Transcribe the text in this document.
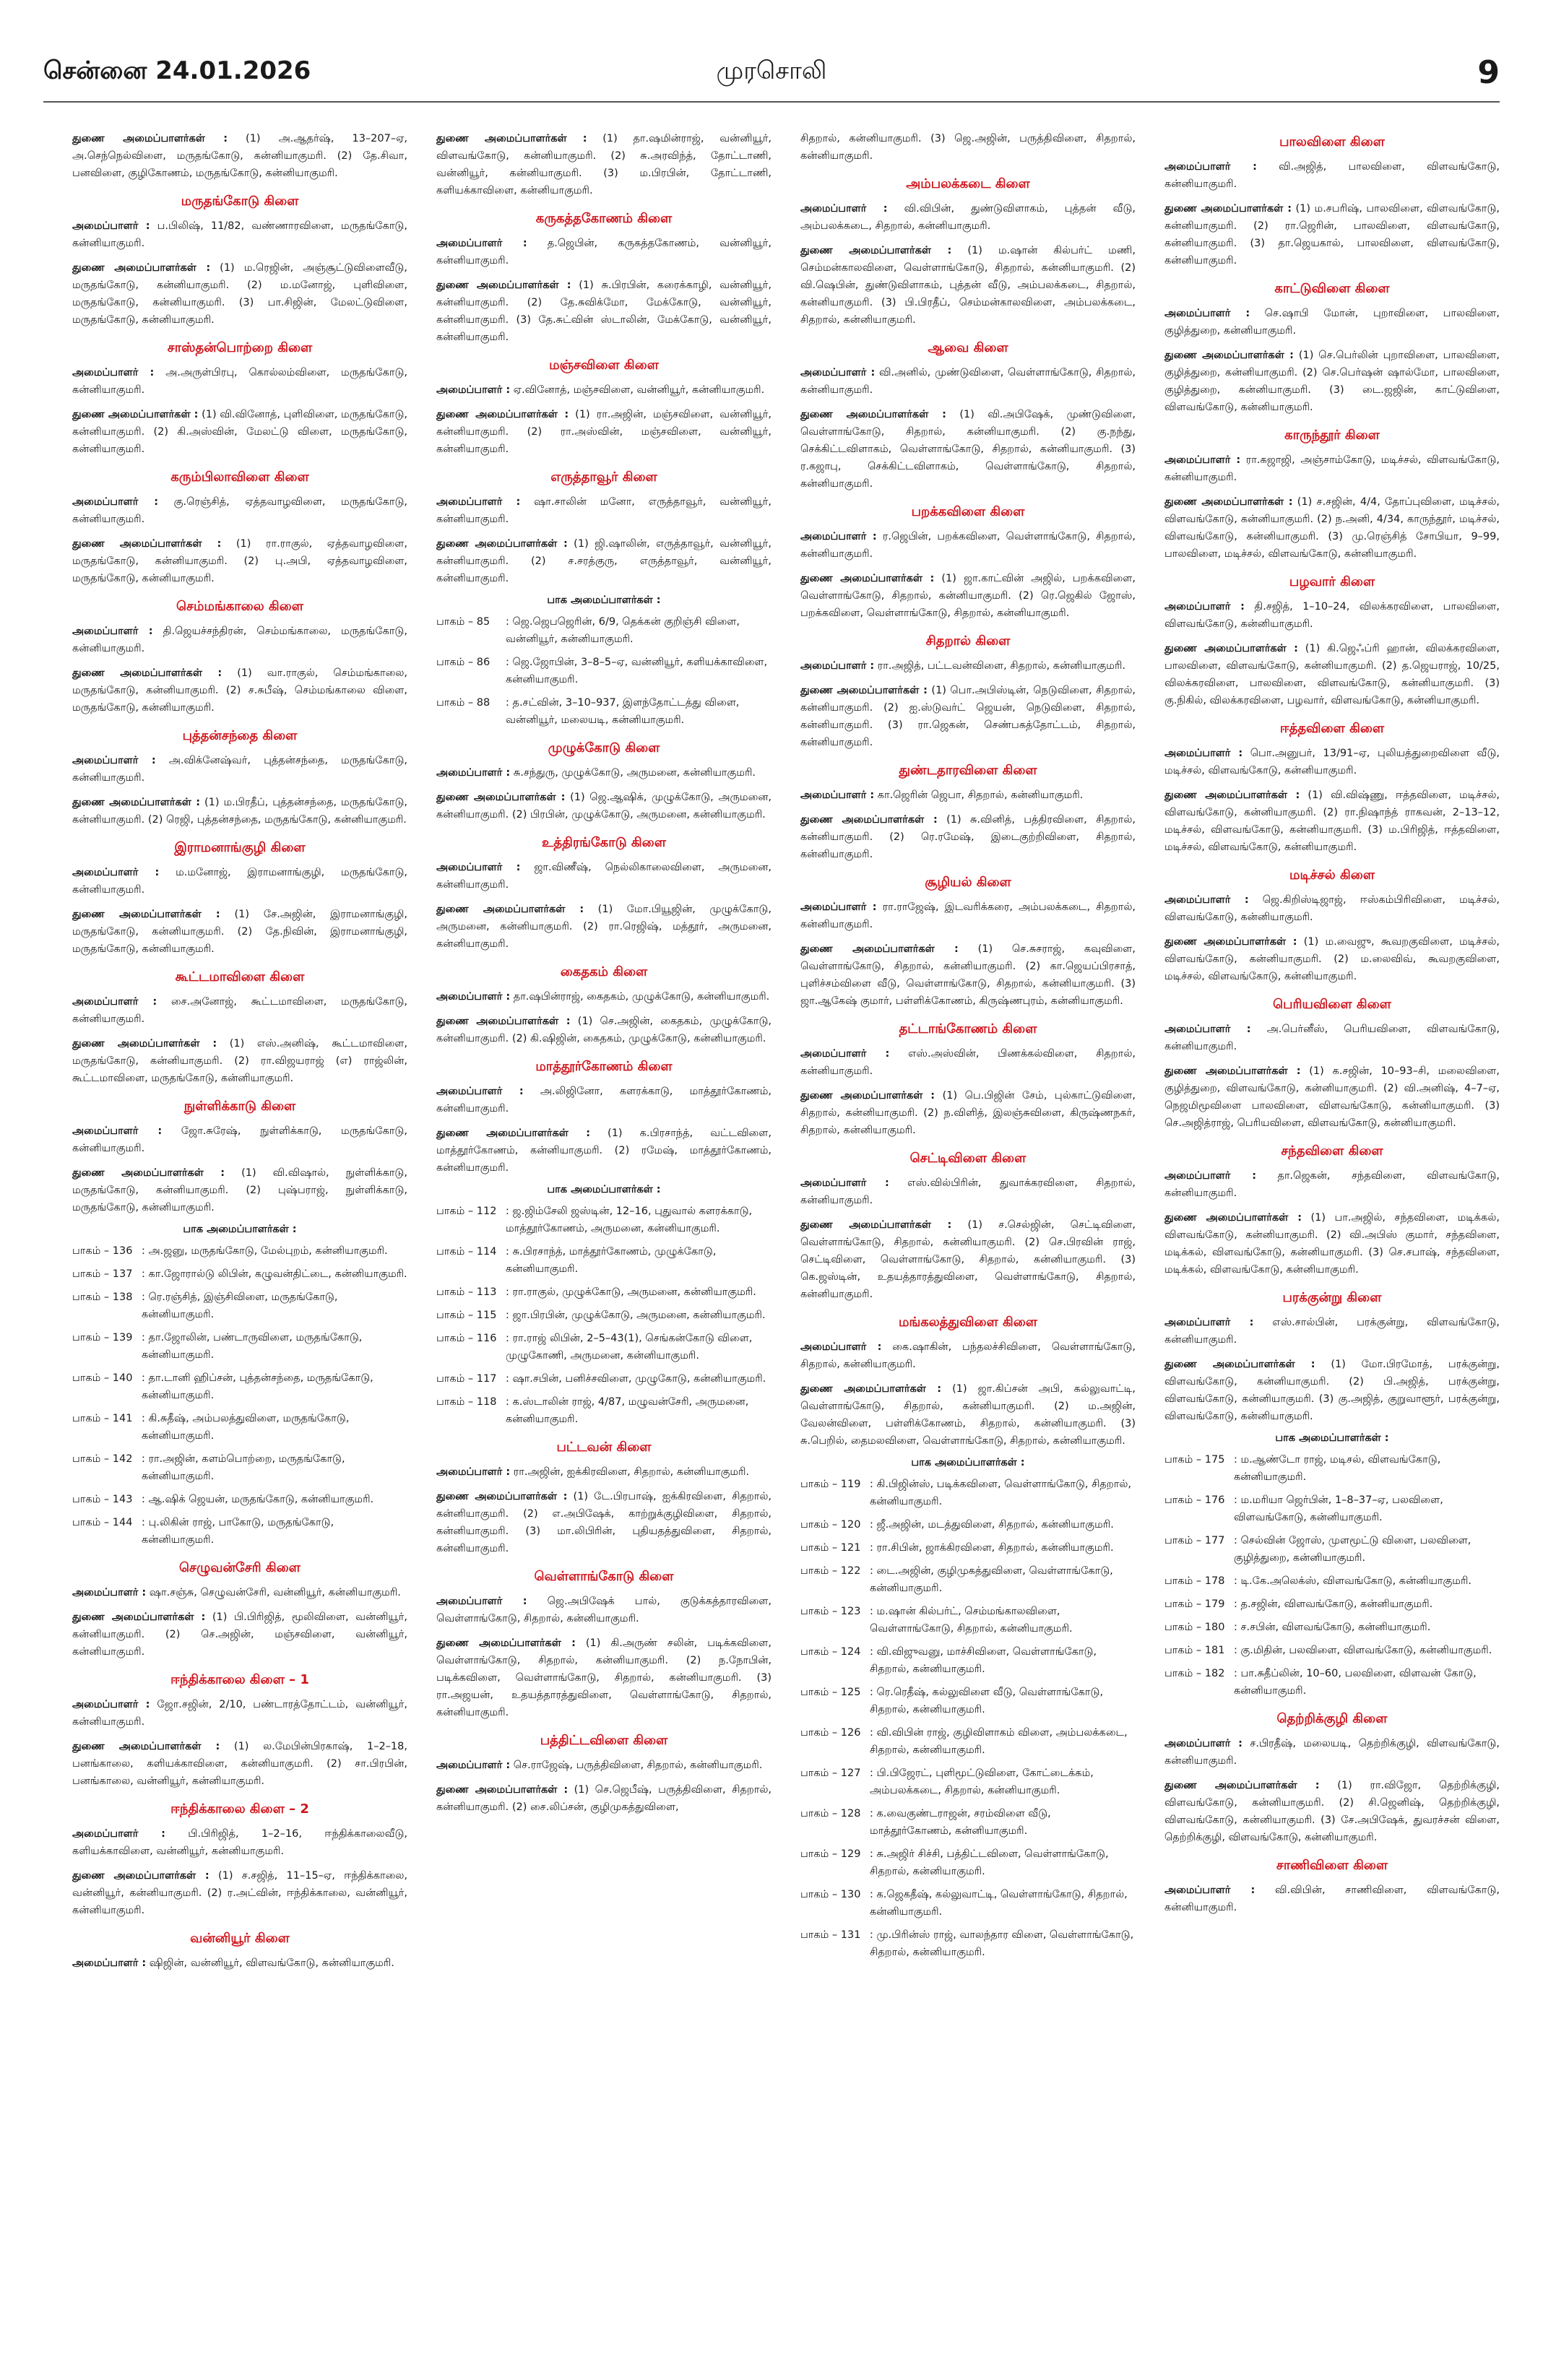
சென்னை 24.01.2026	முரசொலி	9

துணை அமைப்பாளர்கள் : (1) அ.ஆதர்ஷ், 13–207–ஏ, அ.செந்நெல்விளை, மருதங்கோடு, கன்னியாகுமரி. (2) தே.சிவா, பனவிளை, குழிகோணம், மருதங்கோடு, கன்னியாகுமரி.

மருதங்கோடு கிளை

அமைப்பாளர் : ப.பிலிஷ், 11/82, வண்ணாரவிளை, மருதங்கோடு, கன்னியாகுமரி.

துணை அமைப்பாளர்கள் : (1) ம.ரெஜின், அஞ்சூட்டுவிளைவீடு, மருதங்கோடு, கன்னியாகுமரி. (2) ம.மனோஜ், புளிவிளை, மருதங்கோடு, கன்னியாகுமரி. (3) பா.சிஜின், மேலட்டுவிளை, மருதங்கோடு, கன்னியாகுமரி.

சாஸ்தன்பொற்றை கிளை

அமைப்பாளர் : அ.அருள்பிரபு, கொல்லம்விளை, மருதங்கோடு, கன்னியாகுமரி.

துணை அமைப்பாளர்கள் : (1) வி.வினோத், புளிவிளை, மருதங்கோடு, கன்னியாகுமரி. (2) கி.அஸ்வின், மேலட்டு விளை, மருதங்கோடு, கன்னியாகுமரி.

கரும்பிலாவிளை கிளை

அமைப்பாளர் : கு.ரெஞ்சித், ஏத்தவாழவிளை, மருதங்கோடு, கன்னியாகுமரி.

துணை அமைப்பாளர்கள் : (1) ரா.ராகுல், ஏத்தவாழவிளை, மருதங்கோடு, கன்னியாகுமரி. (2) பு.அபி, ஏத்தவாழவிளை, மருதங்கோடு, கன்னியாகுமரி.

செம்மங்காலை கிளை

அமைப்பாளர் : தி.ஜெயச்சந்திரன், செம்மங்காலை, மருதங்கோடு, கன்னியாகுமரி.

துணை அமைப்பாளர்கள் : (1) வா.ராகுல், செம்மங்காலை, மருதங்கோடு, கன்னியாகுமரி. (2) ச.சுபீஷ், செம்மங்காலை விளை, மருதங்கோடு, கன்னியாகுமரி.

புத்தன்சந்தை கிளை

அமைப்பாளர் : அ.விக்னேஷ்வர், புத்தன்சந்தை, மருதங்கோடு, கன்னியாகுமரி.

துணை அமைப்பாளர்கள் : (1) ம.பிரதீப், புத்தன்சந்தை, மருதங்கோடு, கன்னியாகுமரி. (2) ரெஜி, புத்தன்சந்தை, மருதங்கோடு, கன்னியாகுமரி.

இராமனாங்குழி கிளை

அமைப்பாளர் : ம.மனோஜ், இராமனாங்குழி, மருதங்கோடு, கன்னியாகுமரி.

துணை அமைப்பாளர்கள் : (1) சே.அஜின், இராமனாங்குழி, மருதங்கோடு, கன்னியாகுமரி. (2) தே.நிவின், இராமனாங்குழி, மருதங்கோடு, கன்னியாகுமரி.

கூட்டமாவிளை கிளை

அமைப்பாளர் : சை.அனோஜ், கூட்டமாவிளை, மருதங்கோடு, கன்னியாகுமரி.

துணை அமைப்பாளர்கள் : (1) எஸ்.அனிஷ், கூட்டமாவிளை, மருதங்கோடு, கன்னியாகுமரி. (2) ரா.விஜயராஜ் (எ) ராஜ்லின், கூட்டமாவிளை, மருதங்கோடு, கன்னியாகுமரி.

நுள்ளிக்காடு கிளை

அமைப்பாளர் : ஜோ.சுரேஷ், நுள்ளிக்காடு, மருதங்கோடு, கன்னியாகுமரி.

துணை அமைப்பாளர்கள் : (1) வி.விஷால், நுள்ளிக்காடு, மருதங்கோடு, கன்னியாகுமரி. (2) புஷ்பராஜ், நுள்ளிக்காடு, மருதங்கோடு, கன்னியாகுமரி.

பாக அமைப்பாளர்கள் :
பாகம் – 136 : அ.ஜனு, மருதங்கோடு, மேல்புறம், கன்னியாகுமரி.
பாகம் – 137 : கா.ஜோரால்டு லிபின், கழுவன்திட்டை, கன்னியாகுமரி.
பாகம் – 138 : ரெ.ரஞ்சித், இஞ்சிவிளை, மருதங்கோடு, கன்னியாகுமரி.
பாகம் – 139 : தா.ஜோலின், பண்டாருவிளை, மருதங்கோடு, கன்னியாகுமரி.
பாகம் – 140 : தா.டானி ஹிப்சன், புத்தன்சந்தை, மருதங்கோடு, கன்னியாகுமரி.
பாகம் – 141 : கி.சுதீஷ், அம்பலத்துவிளை, மருதங்கோடு, கன்னியாகுமரி.
பாகம் – 142 : ரா.அஜின், களம்பொற்றை, மருதங்கோடு, கன்னியாகுமரி.
பாகம் – 143 : ஆ.ஷிக் ஜெயன், மருதங்கோடு, கன்னியாகுமரி.
பாகம் – 144 : பு.லிகின் ராஜ், பாகோடு, மருதங்கோடு, கன்னியாகுமரி.
செழுவன்சேரி கிளை

அமைப்பாளர் : ஷா.சஞ்சு, செழுவன்சேரி, வன்னியூர், கன்னியாகுமரி.

துணை அமைப்பாளர்கள் : (1) பி.பிரிஜித், மூலிவிளை, வன்னியூர், கன்னியாகுமரி. (2) செ.அஜின், மஞ்சவிளை, வன்னியூர், கன்னியாகுமரி.

ஈந்திக்காலை கிளை – 1

அமைப்பாளர் : ஜோ.சஜின், 2/10, பண்டாரத்தோட்டம், வன்னியூர், கன்னியாகுமரி.

துணை அமைப்பாளர்கள் : (1) ல.மேபின்பிரகாஷ், 1–2–18, பனங்காலை, களியக்காவிளை, கன்னியாகுமரி. (2) சா.பிரபின், பனங்காலை, வன்னியூர், கன்னியாகுமரி.

ஈந்திக்காலை கிளை – 2

அமைப்பாளர் : பி.பிரிஜித், 1–2–16, ஈந்திக்காலைவீடு, களியக்காவிளை, வன்னியூர், கன்னியாகுமரி.

துணை அமைப்பாளர்கள் : (1) ச.சஜித், 11–15–ஏ, ஈந்திக்காலை, வன்னியூர், கன்னியாகுமரி. (2) ர.அட்வின், ஈந்திக்காலை, வன்னியூர், கன்னியாகுமரி.

வன்னியூர் கிளை

அமைப்பாளர் : ஷிஜின், வன்னியூர், விளவங்கோடு, கன்னியாகுமரி.

துணை அமைப்பாளர்கள் : (1) தா.ஷமின்ராஜ், வன்னியூர், விளவங்கோடு, கன்னியாகுமரி. (2) சு.அரவிந்த், தோட்டாணி, வன்னியூர், கன்னியாகுமரி. (3) ம.பிரபின், தோட்டாணி, களியக்காவிளை, கன்னியாகுமரி.

கருகத்தகோணம் கிளை

அமைப்பாளர் : த.ஜெபின், கருகத்தகோணம், வன்னியூர், கன்னியாகுமரி.

துணை அமைப்பாளர்கள் : (1) சு.பிரபின், கரைக்காழி, வன்னியூர், கன்னியாகுமரி. (2) தே.சுவிக்மோ, மேக்கோடு, வன்னியூர், கன்னியாகுமரி. (3) தே.சுட்வின் ஸ்டாலின், மேக்கோடு, வன்னியூர், கன்னியாகுமரி.

மஞ்சவிளை கிளை

அமைப்பாளர் : ஏ.வினோத், மஞ்சவிளை, வன்னியூர், கன்னியாகுமரி.

துணை அமைப்பாளர்கள் : (1) ரா.அஜின், மஞ்சவிளை, வன்னியூர், கன்னியாகுமரி. (2) ரா.அஸ்வின், மஞ்சவிளை, வன்னியூர், கன்னியாகுமரி.

எருத்தாவூர் கிளை

அமைப்பாளர் : ஷா.சாலின் மனோ, எருத்தாவூர், வன்னியூர், கன்னியாகுமரி.

துணை அமைப்பாளர்கள் : (1) ஜி.ஷாலின், எருத்தாவூர், வன்னியூர், கன்னியாகுமரி. (2) ச.சரத்குரு, எருத்தாவூர், வன்னியூர், கன்னியாகுமரி.

பாக அமைப்பாளர்கள் :
பாகம் – 85	: ஜெ.ஜெபஜெரின், 6/9, தெக்கன் குறிஞ்சி விளை, வன்னியூர், கன்னியாகுமரி.
பாகம் – 86	: ஜெ.ஜோபின், 3–8–5–ஏ, வன்னியூர், களியக்காவிளை, கன்னியாகுமரி.
பாகம் – 88	: த.சட்வின், 3–10–937, இளந்தோட்டத்து விளை, வன்னியூர், மலையடி, கன்னியாகுமரி.
முழுக்கோடு கிளை

அமைப்பாளர் : சு.சந்துரு, முழுக்கோடு, அருமனை, கன்னியாகுமரி.

துணை அமைப்பாளர்கள் : (1) ஜெ.ஆஷிக், முழுக்கோடு, அருமனை, கன்னியாகுமரி. (2) பிரபின், முழுக்கோடு, அருமனை, கன்னியாகுமரி.

உத்திரங்கோடு கிளை

அமைப்பாளர் : ஜா.விணீஷ், நெல்லிகாலைவிளை, அருமனை, கன்னியாகுமரி.

துணை அமைப்பாளர்கள் : (1) மோ.பியூஜின், முழுக்கோடு, அருமனை, கன்னியாகுமரி. (2) ரா.ரெஜிஷ், மத்தூர், அருமனை, கன்னியாகுமரி.

கைதகம் கிளை

அமைப்பாளர் : தா.ஷபின்ராஜ், கைதகம், முழுக்கோடு, கன்னியாகுமரி.

துணை அமைப்பாளர்கள் : (1) செ.அஜின், கைதகம், முழுக்கோடு, கன்னியாகுமரி. (2) கி.ஷிஜின், கைதகம், முழுக்கோடு, கன்னியாகுமரி.

மாத்தூர்கோணம் கிளை

அமைப்பாளர் : அ.லிஜினோ, களரக்காடு, மாத்தூர்கோணம், கன்னியாகுமரி.

துணை அமைப்பாளர்கள் : (1) க.பிரசாந்த், வட்டவிளை, மாத்தூர்கோணம், கன்னியாகுமரி. (2) ரமேஷ், மாத்தூர்கோணம், கன்னியாகுமரி.

பாக அமைப்பாளர்கள் :
பாகம் – 112 : ஜ.ஜிம்சேலி ஜஸ்டின், 12–16, புதுவால் களரக்காடு, மாத்தூர்கோணம், அருமனை, கன்னியாகுமரி.
பாகம் – 114 : சு.பிரசாந்த், மாத்தூர்கோணம், முழுக்கோடு, கன்னியாகுமரி.
பாகம் – 113 : ரா.ராகுல், முழுக்கோடு, அருமனை, கன்னியாகுமரி.
பாகம் – 115 : ஜா.பிரபின், முழுக்கோடு, அருமனை, கன்னியாகுமரி.
பாகம் – 116 : ரா.ராஜ் லிபின், 2–5–43(1), செங்கன்கோடு விளை, முழுகோணி, அருமனை, கன்னியாகுமரி.
பாகம் – 117 : ஷா.சபின், பனிச்சவிளை, முழுகோடு, கன்னியாகுமரி.
பாகம் – 118 : க.ஸ்டாலின் ராஜ், 4/87, மழுவன்சேரி, அருமனை, கன்னியாகுமரி.
பட்டவன் கிளை

அமைப்பாளர் : ரா.அஜின், ஐக்கிரவிளை, சிதறால், கன்னியாகுமரி.

துணை அமைப்பாளர்கள் : (1) டே.பிரபாஷ், ஐக்கிரவிளை, சிதறால், கன்னியாகுமரி. (2) எ.அபிஷேக், காற்றுக்குழிவிளை, சிதறால், கன்னியாகுமரி. (3) மா.லிபிரின், புதியதத்துவிளை, சிதறால், கன்னியாகுமரி.

வெள்ளாங்கோடு கிளை

அமைப்பாளர் : ஜெ.அபிஷேக் பால், குடுக்கத்தாரவிளை, வெள்ளாங்கோடு, சிதறால், கன்னியாகுமரி.

துணை அமைப்பாளர்கள் : (1) கி.அருண் சலின், படிக்கவிளை, வெள்ளாங்கோடு, சிதறால், கன்னியாகுமரி. (2) ந.நோபின், படிக்கவிளை, வெள்ளாங்கோடு, சிதறால், கன்னியாகுமரி. (3) ரா.அஜயன், உதயத்தாரத்துவிளை, வெள்ளாங்கோடு, சிதறால், கன்னியாகுமரி.

பத்திட்டவிளை கிளை

அமைப்பாளர் : செ.ராஜேஷ், பருத்திவிளை, சிதறால், கன்னியாகுமரி.

துணை அமைப்பாளர்கள் : (1) செ.ஜெபீஷ், பருத்திவிளை, சிதறால், கன்னியாகுமரி. (2) சை.லிப்சன், குழிமுகத்துவிளை,

சிதறால், கன்னியாகுமரி. (3) ஜெ.அஜின், பருத்திவிளை, சிதறால், கன்னியாகுமரி.

அம்பலக்கடை கிளை

அமைப்பாளர் : வி.விபின், துண்டுவிளாகம், புத்தன் வீடு, அம்பலக்கடை, சிதறால், கன்னியாகுமரி.

துணை அமைப்பாளர்கள் : (1) ம.ஷான் கில்பர்ட் மணி, செம்மன்காலவிளை, வெள்ளாங்கோடு, சிதறால், கன்னியாகுமரி. (2) வி.ஷெபின், துண்டுவிளாகம், புத்தன் வீடு, அம்பலக்கடை, சிதறால், கன்னியாகுமரி. (3) பி.பிரதீப், செம்மன்காலவிளை, அம்பலக்கடை, சிதறால், கன்னியாகுமரி.

ஆவை கிளை

அமைப்பாளர் : வி.அனில், முண்டுவிளை, வெள்ளாங்கோடு, சிதறால், கன்னியாகுமரி.

துணை அமைப்பாளர்கள் : (1) வி.அபிஷேக், முண்டுவிளை, வெள்ளாங்கோடு, சிதறால், கன்னியாகுமரி. (2) கு.நந்து, செக்கிட்டவிளாகம், வெள்ளாங்கோடு, சிதறால், கன்னியாகுமரி. (3) ர.கஜாபு, செக்கிட்டவிளாகம், வெள்ளாங்கோடு, சிதறால், கன்னியாகுமரி.

பறக்கவிளை கிளை

அமைப்பாளர் : ர.ஜெபின், பறக்கவிளை, வெள்ளாங்கோடு, சிதறால், கன்னியாகுமரி.

துணை அமைப்பாளர்கள் : (1) ஜா.காட்வின் அஜில், பறக்கவிளை, வெள்ளாங்கோடு, சிதறால், கன்னியாகுமரி. (2) ரெ.ஜெகில் ஜோஸ், பறக்கவிளை, வெள்ளாங்கோடு, சிதறால், கன்னியாகுமரி.

சிதறால் கிளை

அமைப்பாளர் : ரா.அஜித், பட்டவன்விளை, சிதறால், கன்னியாகுமரி.

துணை அமைப்பாளர்கள் : (1) பொ.அபிஸ்டின், நெடுவிளை, சிதறால், கன்னியாகுமரி. (2) ஐ.ஸ்டுவர்ட் ஜெயன், நெடுவிளை, சிதறால், கன்னியாகுமரி. (3) ரா.ஜெகன், செண்பகத்தோட்டம், சிதறால், கன்னியாகுமரி.

துண்டதாரவிளை கிளை

அமைப்பாளர் : கா.ஜெரின் ஜெபா, சிதறால், கன்னியாகுமரி.

துணை அமைப்பாளர்கள் : (1) சு.வினித், பத்திரவிளை, சிதறால், கன்னியாகுமரி. (2) ரெ.ரமேஷ், இடைகுற்றிவிளை, சிதறால், கன்னியாகுமரி.

சூழியல் கிளை

அமைப்பாளர் : ரா.ராஜேஷ், இடவரிக்கரை, அம்பலக்கடை, சிதறால், கன்னியாகுமரி.

துணை அமைப்பாளர்கள் : (1) செ.சுசராஜ், கவுவிளை, வெள்ளாங்கோடு, சிதறால், கன்னியாகுமரி. (2) கா.ஜெயப்பிரசாத், புளிச்சம்விளை வீடு, வெள்ளாங்கோடு, சிதறால், கன்னியாகுமரி. (3) ஜா.ஆகேஷ் குமார், பள்ளிக்கோணம், கிருஷ்ணபுரம், கன்னியாகுமரி.

தட்டாங்கோணம் கிளை

அமைப்பாளர் : எஸ்.அஸ்வின், பிணக்கல்விளை, சிதறால், கன்னியாகுமரி.

துணை அமைப்பாளர்கள் : (1) பெ.பிஜின் சேம், புல்காட்டுவிளை, சிதறால், கன்னியாகுமரி. (2) ந.விளித், இலஞ்சுவிளை, கிருஷ்ணநகர், சிதறால், கன்னியாகுமரி.

செட்டிவிளை கிளை

அமைப்பாளர் : எஸ்.வில்பிரின், துவாக்கரவிளை, சிதறால், கன்னியாகுமரி.

துணை அமைப்பாளர்கள் : (1) ச.செல்ஜின், செட்டிவிளை, வெள்ளாங்கோடு, சிதறால், கன்னியாகுமரி. (2) செ.பிரவின் ராஜ், செட்டிவிளை, வெள்ளாங்கோடு, சிதறால், கன்னியாகுமரி. (3) கெ.ஜஸ்டின், உதயத்தாரத்துவிளை, வெள்ளாங்கோடு, சிதறால், கன்னியாகுமரி.

மங்கலத்துவிளை கிளை

அமைப்பாளர் : கை.ஷாகின், பந்தலச்சிவிளை, வெள்ளாங்கோடு, சிதறால், கன்னியாகுமரி.

துணை அமைப்பாளர்கள் : (1) ஜா.கிப்சன் அபி, கல்லுவாட்டி, வெள்ளாங்கோடு, சிதறால், கன்னியாகுமரி. (2) ம.அஜின், வேலன்விளை, பள்ளிக்கோணம், சிதறால், கன்னியாகுமரி. (3) சு.பெறில், தைமலவிளை, வெள்ளாங்கோடு, சிதறால், கன்னியாகுமரி.

பாக அமைப்பாளர்கள் :
பாகம் – 119 : கி.பிஜின்ஸ், படிக்கவிளை, வெள்ளாங்கோடு, சிதறால், கன்னியாகுமரி.
பாகம் – 120 : ஜீ.அஜின், மடத்துவிளை, சிதறால், கன்னியாகுமரி.
பாகம் – 121 : ரா.சிபின், ஜாக்கிரவிளை, சிதறால், கன்னியாகுமரி.
பாகம் – 122 : டை.அஜின், குழிமுகத்துவிளை, வெள்ளாங்கோடு, கன்னியாகுமரி.
பாகம் – 123 : ம.ஷான் கில்பர்ட், செம்மங்காலவிளை, வெள்ளாங்கோடு, சிதறால், கன்னியாகுமரி.
பாகம் – 124 : வி.விஜுவனு, மாச்சிவிளை, வெள்ளாங்கோடு, சிதறால், கன்னியாகுமரி.
பாகம் – 125 : ரெ.ரெதீஷ், கல்லுவிளை வீடு, வெள்ளாங்கோடு, சிதறால், கன்னியாகுமரி.
பாகம் – 126 : வி.விபின் ராஜ், குழிவிளாகம் விளை, அம்பலக்கடை, சிதறால், கன்னியாகுமரி.
பாகம் – 127 : பி.பிஜேரட், புளிமூட்டுவிளை, கோட்டைக்கம், அம்பலக்கடை, சிதறால், கன்னியாகுமரி.
பாகம் – 128 : க.வைகுண்டராஜன், சரம்விளை வீடு, மாத்தூர்கோணம், கன்னியாகுமரி.
பாகம் – 129 : சு.அஜிர் சிச்சி, பத்திட்டவிளை, வெள்ளாங்கோடு, சிதறால், கன்னியாகுமரி.
பாகம் – 130 : க.ஜெகதீஷ், கல்லுவாட்டி, வெள்ளாங்கோடு, சிதறால், கன்னியாகுமரி.
பாகம் – 131 : மு.பிரின்ஸ் ராஜ், வாலந்தார விளை, வெள்ளாங்கோடு, சிதறால், கன்னியாகுமரி.
பாலவிளை கிளை

அமைப்பாளர் : வி.அஜித், பாலவிளை, விளவங்கோடு, கன்னியாகுமரி.

துணை அமைப்பாளர்கள் : (1) ம.சபரிஷ், பாலவிளை, விளவங்கோடு, கன்னியாகுமரி. (2) ரா.ஜெரின், பாலவிளை, விளவங்கோடு, கன்னியாகுமரி. (3) தா.ஜெயகால், பாலவிளை, விளவங்கோடு, கன்னியாகுமரி.

காட்டுவிளை கிளை

அமைப்பாளர் : செ.ஷாபி மோன், புறாவிளை, பாலவிளை, குழித்துறை, கன்னியாகுமரி.

துணை அமைப்பாளர்கள் : (1) செ.பெர்லின் புறாவிளை, பாலவிளை, குழித்துறை, கன்னியாகுமரி. (2) செ.பெர்ஷன் ஷால்மோ, பாலவிளை, குழித்துறை, கன்னியாகுமரி. (3) டை.ஜஜின், காட்டுவிளை, விளவங்கோடு, கன்னியாகுமரி.

காருந்தூர் கிளை

அமைப்பாளர் : ரா.கஜாஜி, அஞ்சாம்கோடு, மடிச்சல், விளவங்கோடு, கன்னியாகுமரி.

துணை அமைப்பாளர்கள் : (1) ச.சஜின், 4/4, தோப்புவிளை, மடிச்சல், விளவங்கோடு, கன்னியாகுமரி. (2) ந.அனி, 4/34, காருந்தூர், மடிச்சல், விளவங்கோடு, கன்னியாகுமரி. (3) மு.ரெஞ்சித் சோபியா, 9–99, பாலவிளை, மடிச்சல், விளவங்கோடு, கன்னியாகுமரி.

பழவார் கிளை

அமைப்பாளர் : தி.சஜித், 1–10–24, விலக்கரவிளை, பாலவிளை, விளவங்கோடு, கன்னியாகுமரி.

துணை அமைப்பாளர்கள் : (1) கி.ஜெஃப்ரி ஹான், விலக்கரவிளை, பாலவிளை, விளவங்கோடு, கன்னியாகுமரி. (2) த.ஜெயராஜ், 10/25, விலக்கரவிளை, பாலவிளை, விளவங்கோடு, கன்னியாகுமரி. (3) கு.நிகில், விலக்கரவிளை, பழவார், விளவங்கோடு, கன்னியாகுமரி.

ஈத்தவிளை கிளை

அமைப்பாளர் : பொ.அனுபர், 13/91–ஏ, புலியத்துறைவிளை வீடு, மடிச்சல், விளவங்கோடு, கன்னியாகுமரி.

துணை அமைப்பாளர்கள் : (1) வி.விஷ்ணு, ஈத்தவிளை, மடிச்சல், விளவங்கோடு, கன்னியாகுமரி. (2) ரா.நிஷாந்த் ராகவன், 2–13–12, மடிச்சல், விளவங்கோடு, கன்னியாகுமரி. (3) ம.பிரிஜித், ஈத்தவிளை, மடிச்சல், விளவங்கோடு, கன்னியாகுமரி.

மடிச்சல் கிளை

அமைப்பாளர் : ஜெ.கிறிஸ்டிஜாஜ், ஈஸ்கம்பிரிவிளை, மடிச்சல், விளவங்கோடு, கன்னியாகுமரி.

துணை அமைப்பாளர்கள் : (1) ம.வைஜு, கூவறகுவிளை, மடிச்சல், விளவங்கோடு, கன்னியாகுமரி. (2) ம.லைவிவ், கூவறகுவிளை, மடிச்சல், விளவங்கோடு, கன்னியாகுமரி.

பெரியவிளை கிளை

அமைப்பாளர் : அ.பெர்னீஸ், பெரியவிளை, விளவங்கோடு, கன்னியாகுமரி.

துணை அமைப்பாளர்கள் : (1) க.சஜின், 10–93–சி, மலைவிளை, குழித்துறை, விளவங்கோடு, கன்னியாகுமரி. (2) வி.அனிஷ், 4–7–ஏ, நெஜமிமூவிளை பாலவிளை, விளவங்கோடு, கன்னியாகுமரி. (3) செ.அஜித்ராஜ், பெரியவிளை, விளவங்கோடு, கன்னியாகுமரி.

சந்தவிளை கிளை

அமைப்பாளர் : தா.ஜெகன், சந்தவிளை, விளவங்கோடு, கன்னியாகுமரி.

துணை அமைப்பாளர்கள் : (1) பா.அஜில், சந்தவிளை, மடிக்கல், விளவங்கோடு, கன்னியாகுமரி. (2) வி.அபிஸ் குமார், சந்தவிளை, மடிக்கல், விளவங்கோடு, கன்னியாகுமரி. (3) செ.சபாஷ், சந்தவிளை, மடிக்கல், விளவங்கோடு, கன்னியாகுமரி.

பரக்குன்று கிளை

அமைப்பாளர் : எஸ்.சால்பின், பரக்குன்று, விளவங்கோடு, கன்னியாகுமரி.

துணை அமைப்பாளர்கள் : (1) மோ.பிரமோத், பரக்குன்று, விளவங்கோடு, கன்னியாகுமரி. (2) பி.அஜித், பரக்குன்று, விளவங்கோடு, கன்னியாகுமரி. (3) கு.அஜித், குறுவாளூர், பரக்குன்று, விளவங்கோடு, கன்னியாகுமரி.

பாக அமைப்பாளர்கள் :
பாகம் – 175 : ம.ஆண்டோ ராஜ், மடிசல், விளவங்கோடு, கன்னியாகுமரி.
பாகம் – 176 : ம.மரியா ஜெர்பின், 1–8–37–ஏ, பலவிளை, விளவங்கோடு, கன்னியாகுமரி.
பாகம் – 177 : செல்வின் ஜோஸ், முளமூட்டு விளை, பலவிளை, குழித்துறை, கன்னியாகுமரி.
பாகம் – 178 : டி.கே.அலெக்ஸ், விளவங்கோடு, கன்னியாகுமரி.
பாகம் – 179 : த.சஜின், விளவங்கோடு, கன்னியாகுமரி.
பாகம் – 180 : ச.சபின், விளவங்கோடு, கன்னியாகுமரி.
பாகம் – 181 : கு.மிதின், பலவிளை, விளவங்கோடு, கன்னியாகுமரி.
பாகம் – 182 : பா.சுதீப்லின், 10–60, பலவிளை, விளவன் கோடு, கன்னியாகுமரி.
தெற்றிக்குழி கிளை

அமைப்பாளர் : ச.பிரதீஷ், மலையடி, தெற்றிக்குழி, விளவங்கோடு, கன்னியாகுமரி.

துணை அமைப்பாளர்கள் : (1) ரா.விஜோ, தெற்றிக்குழி, விளவங்கோடு, கன்னியாகுமரி. (2) சி.ஜெனிஷ், தெற்றிக்குழி, விளவங்கோடு, கன்னியாகுமரி. (3) சே.அபிஷேக், துவரச்சன் விளை, தெற்றிக்குழி, விளவங்கோடு, கன்னியாகுமரி.

சாணிவிளை கிளை

அமைப்பாளர் : வி.விபின், சாணிவிளை, விளவங்கோடு, கன்னியாகுமரி.
